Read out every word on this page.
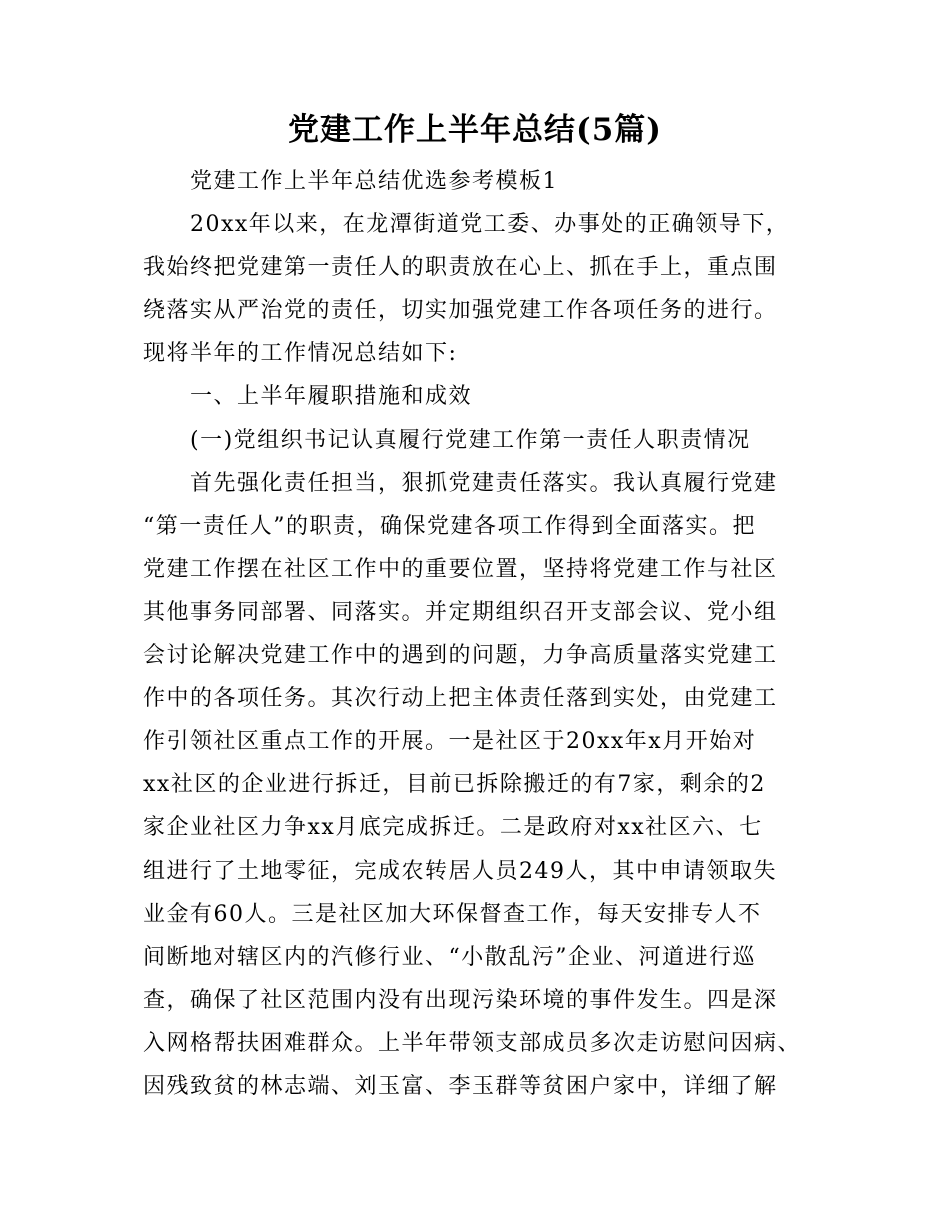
党建工作上半年总结(5篇)
党建工作上半年总结优选参考模板1
20xx年以来，在龙潭街道党工委、办事处的正确领导下，
我始终把党建第一责任人的职责放在心上、抓在手上，重点围
绕落实从严治党的责任，切实加强党建工作各项任务的进行。
现将半年的工作情况总结如下:
一、上半年履职措施和成效
(一)党组织书记认真履行党建工作第一责任人职责情况
首先强化责任担当，狠抓党建责任落实。我认真履行党建
“第一责任人”的职责，确保党建各项工作得到全面落实。把
党建工作摆在社区工作中的重要位置，坚持将党建工作与社区
其他事务同部署、同落实。并定期组织召开支部会议、党小组
会讨论解决党建工作中的遇到的问题，力争高质量落实党建工
作中的各项任务。其次行动上把主体责任落到实处，由党建工
作引领社区重点工作的开展。一是社区于20xx年x月开始对
xx社区的企业进行拆迁，目前已拆除搬迁的有7家，剩余的2
家企业社区力争xx月底完成拆迁。二是政府对xx社区六、七
组进行了土地零征，完成农转居人员249人，其中申请领取失
业金有60人。三是社区加大环保督查工作，每天安排专人不
间断地对辖区内的汽修行业、“小散乱污”企业、河道进行巡
查，确保了社区范围内没有出现污染环境的事件发生。四是深
入网格帮扶困难群众。上半年带领支部成员多次走访慰问因病、
因残致贫的林志端、刘玉富、李玉群等贫困户家中，详细了解
